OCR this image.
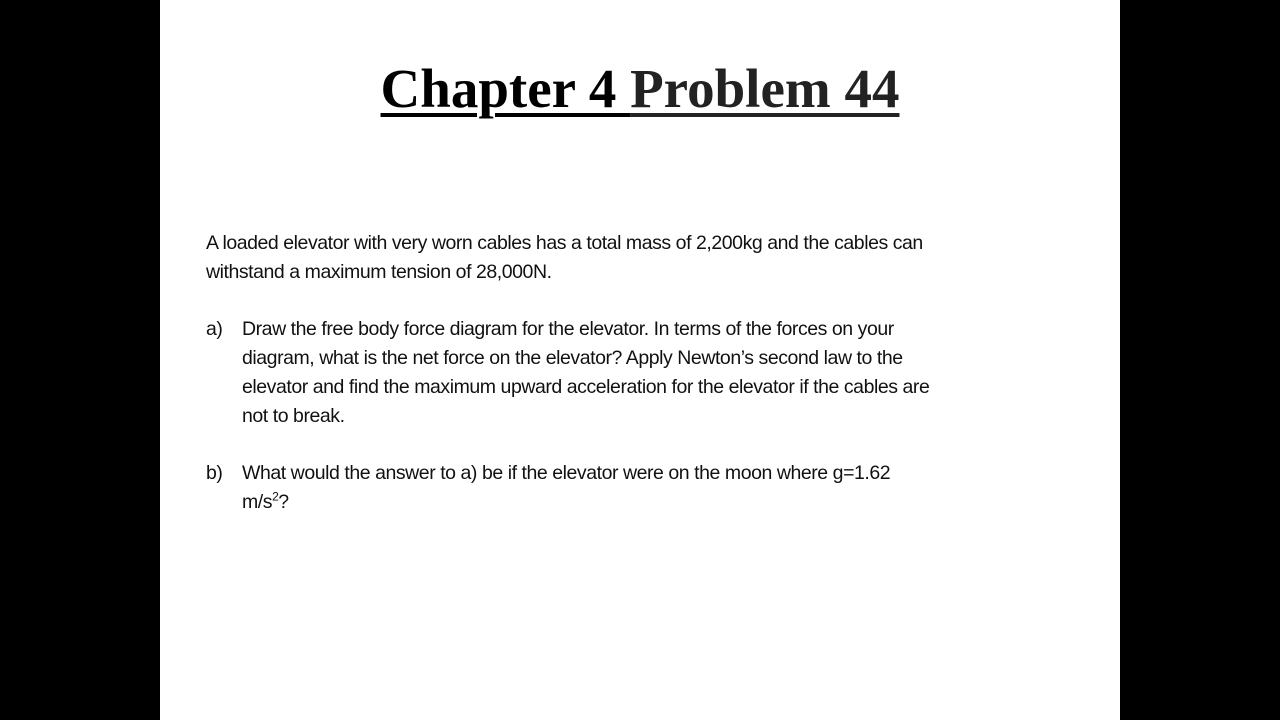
Chapter 4 Problem 44
A loaded elevator with very worn cables has a total mass of 2,200kg and the cables can
withstand a maximum tension of 28,000N.
a) Draw the free body force diagram for the elevator. In terms of the forces on your
diagram, what is the net force on the elevator? Apply Newton’s second law to the
elevator and find the maximum upward acceleration for the elevator if the cables are
not to break.
b) What would the answer to a) be if the elevator were on the moon where g=1.62
$m/s^2$?
